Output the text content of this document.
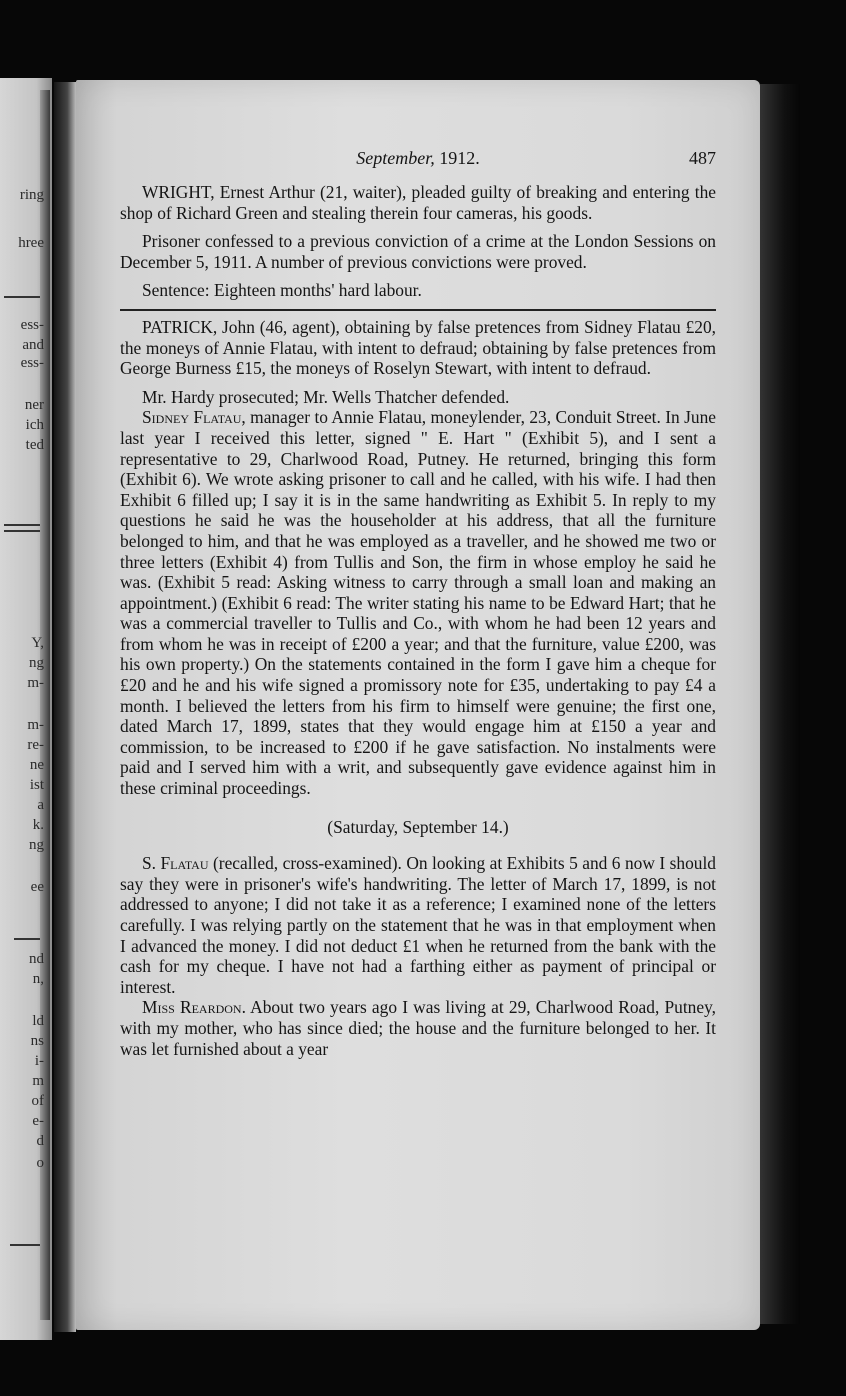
ring
hree
ess-
and
ess-
ner
ich
ted
Y,
ng
m-
m-
re-
ne
ist
a
k.
ng
ee
nd
n,
ld
ns
i-
m
of
e-
d
o
September, 1912.	487

WRIGHT, Ernest Arthur (21, waiter), pleaded guilty of breaking and entering the shop of Richard Green and stealing therein four cameras, his goods.

Prisoner confessed to a previous conviction of a crime at the London Sessions on December 5, 1911. A number of previous convictions were proved.

Sentence: Eighteen months' hard labour.

PATRICK, John (46, agent), obtaining by false pretences from Sidney Flatau £20, the moneys of Annie Flatau, with intent to defraud; obtaining by false pretences from George Burness £15, the moneys of Roselyn Stewart, with intent to defraud.

Mr. Hardy prosecuted; Mr. Wells Thatcher defended.

Sidney Flatau, manager to Annie Flatau, moneylender, 23, Conduit Street. In June last year I received this letter, signed " E. Hart " (Exhibit 5), and I sent a representative to 29, Charlwood Road, Putney. He returned, bringing this form (Exhibit 6). We wrote asking prisoner to call and he called, with his wife. I had then Exhibit 6 filled up; I say it is in the same handwriting as Exhibit 5. In reply to my questions he said he was the householder at his address, that all the furniture belonged to him, and that he was employed as a traveller, and he showed me two or three letters (Exhibit 4) from Tullis and Son, the firm in whose employ he said he was. (Exhibit 5 read: Asking witness to carry through a small loan and making an appointment.) (Exhibit 6 read: The writer stating his name to be Edward Hart; that he was a commercial traveller to Tullis and Co., with whom he had been 12 years and from whom he was in receipt of £200 a year; and that the furniture, value £200, was his own property.) On the statements contained in the form I gave him a cheque for £20 and he and his wife signed a promissory note for £35, undertaking to pay £4 a month. I believed the letters from his firm to himself were genuine; the first one, dated March 17, 1899, states that they would engage him at £150 a year and commission, to be increased to £200 if he gave satisfaction. No instalments were paid and I served him with a writ, and subsequently gave evidence against him in these criminal proceedings.

(Saturday, September 14.)

S. Flatau (recalled, cross-examined). On looking at Exhibits 5 and 6 now I should say they were in prisoner's wife's handwriting. The letter of March 17, 1899, is not addressed to anyone; I did not take it as a reference; I examined none of the letters carefully. I was relying partly on the statement that he was in that employment when I advanced the money. I did not deduct £1 when he returned from the bank with the cash for my cheque. I have not had a farthing either as payment of principal or interest.

Miss Reardon. About two years ago I was living at 29, Charlwood Road, Putney, with my mother, who has since died; the house and the furniture belonged to her. It was let furnished about a year
